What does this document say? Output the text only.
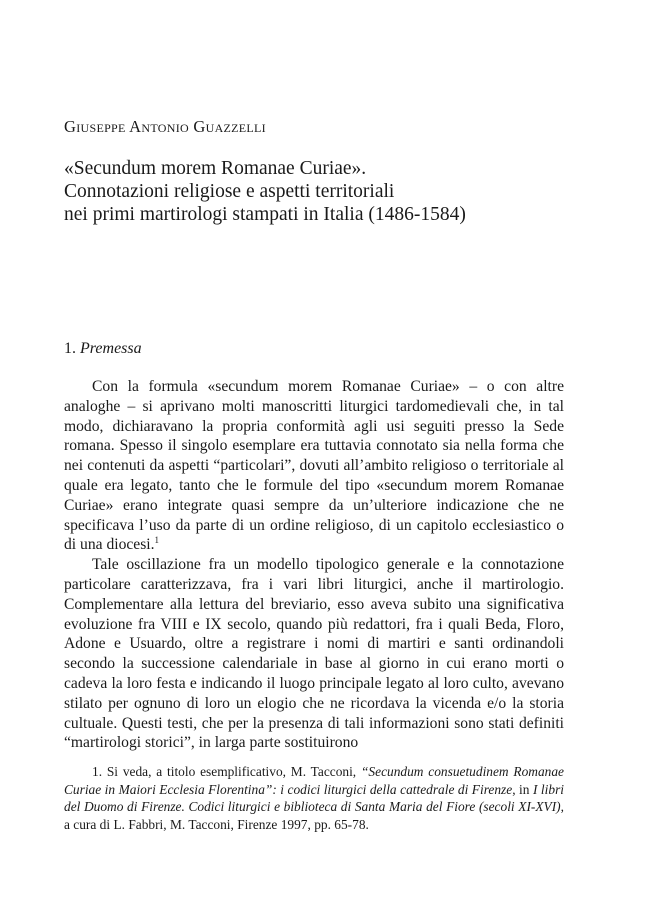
Giuseppe Antonio Guazzelli
«Secundum morem Romanae Curiae».
Connotazioni religiose e aspetti territoriali
nei primi martirologi stampati in Italia (1486-1584)
1. Premessa

Con la formula «secundum morem Romanae Curiae» – o con altre analoghe – si aprivano molti manoscritti liturgici tardomedievali che, in tal modo, dichiaravano la propria conformità agli usi seguiti presso la Sede romana. Spesso il singolo esemplare era tuttavia connotato sia nella forma che nei contenuti da aspetti “particolari”, dovuti all’ambito religioso o territoriale al quale era legato, tanto che le formule del tipo «secundum morem Romanae Curiae» erano integrate quasi sempre da un’ulteriore indicazione che ne specificava l’uso da parte di un ordine religioso, di un capitolo ecclesiastico o di una diocesi.$^1$

Tale oscillazione fra un modello tipologico generale e la connotazione particolare caratterizzava, fra i vari libri liturgici, anche il martirologio. Complementare alla lettura del breviario, esso aveva subito una significativa evoluzione fra VIII e IX secolo, quando più redattori, fra i quali Beda, Floro, Adone e Usuardo, oltre a registrare i nomi di martiri e santi ordinandoli secondo la successione calendariale in base al giorno in cui erano morti o cadeva la loro festa e indicando il luogo principale legato al loro culto, avevano stilato per ognuno di loro un elogio che ne ricordava la vicenda e/o la storia cultuale. Questi testi, che per la presenza di tali informazioni sono stati definiti “martirologi storici”, in larga parte sostituirono

1. Si veda, a titolo esemplificativo, M. Tacconi, “Secundum consuetudinem Romanae Curiae in Maiori Ecclesia Florentina”: i codici liturgici della cattedrale di Firenze, in I libri del Duomo di Firenze. Codici liturgici e biblioteca di Santa Maria del Fiore (secoli XI-XVI), a cura di L. Fabbri, M. Tacconi, Firenze 1997, pp. 65-78.
